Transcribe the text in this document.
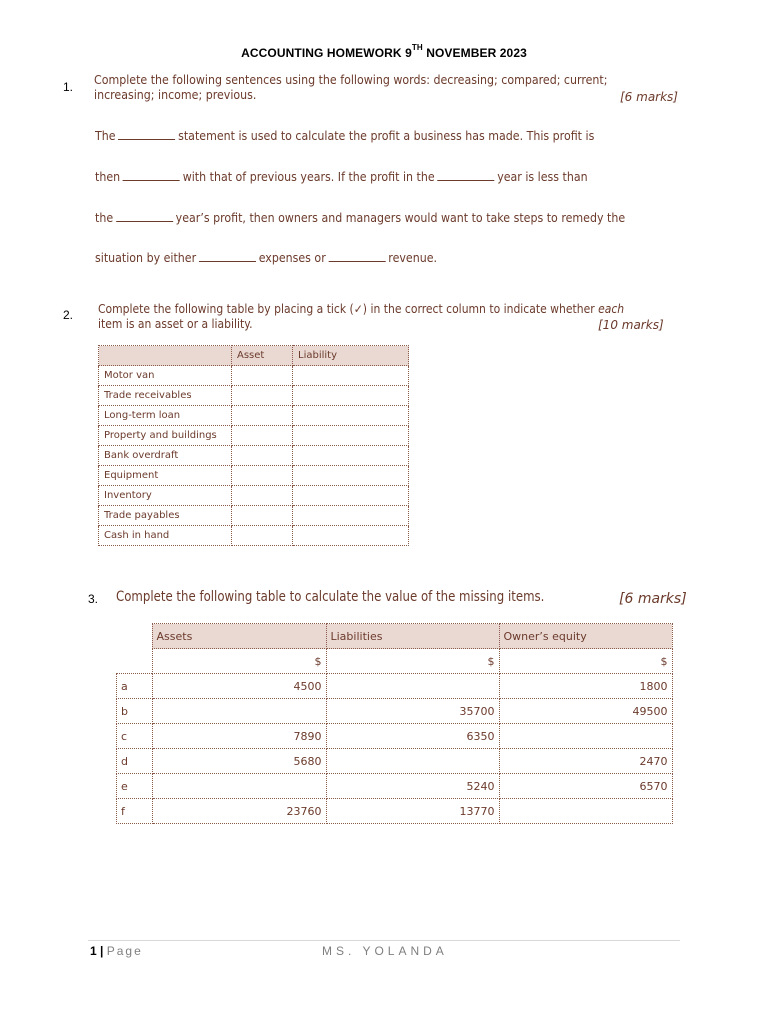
ACCOUNTING HOMEWORK 9TH NOVEMBER 2023
1. Complete the following sentences using the following words: decreasing; compared; current;
increasing; income; previous.	[6 marks]
The	statement is used to calculate the profit a business has made. This profit is
then	with that of previous years. If the profit in the	year is less than
the	year’s profit, then owners and managers would want to take steps to remedy the
situation by either	expenses or	revenue.
2. Complete the following table by placing a tick (✓) in the correct column to indicate whether each
item is an asset or a liability.	[10 marks]
	Asset	Liability
Motor van		
Trade receivables		
Long-term loan		
Property and buildings		
Bank overdraft		
Equipment		
Inventory		
Trade payables		
Cash in hand		
3. Complete the following table to calculate the value of the missing items.	[6 marks]
	Assets	Liabilities	Owner’s equity
	$	$	$
a	4500		1800
b		35700	49500
c	7890	6350	
d	5680		2470
e		5240	6570
f	23760	13770	
1 | Page	MS. YOLANDA
